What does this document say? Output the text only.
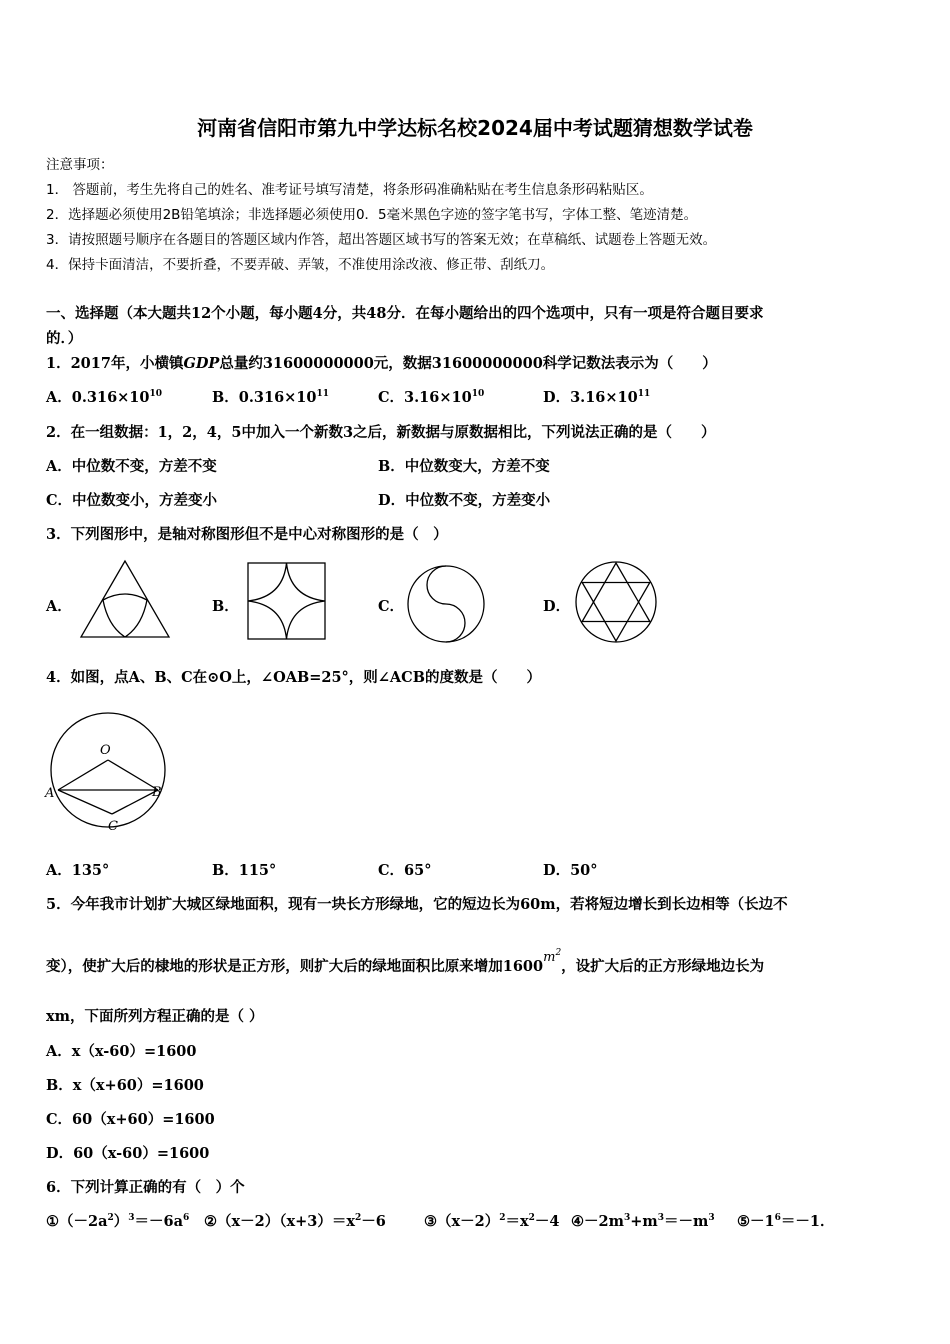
河南省信阳市第九中学达标名校2024届中考试题猜想数学试卷
注意事项：
1． 答题前，考生先将自己的姓名、准考证号填写清楚，将条形码准确粘贴在考生信息条形码粘贴区。
2．选择题必须使用2B铅笔填涂；非选择题必须使用0．5毫米黑色字迹的签字笔书写，字体工整、笔迹清楚。
3．请按照题号顺序在各题目的答题区域内作答，超出答题区域书写的答案无效；在草稿纸、试题卷上答题无效。
4．保持卡面清洁，不要折叠，不要弄破、弄皱，不准使用涂改液、修正带、刮纸刀。
一、选择题（本大题共12个小题，每小题4分，共48分．在每小题给出的四个选项中，只有一项是符合题目要求
的．）
1．2017年，小横镇GDP总量约31600000000元，数据31600000000科学记数法表示为（　　）
A．$0.316\times 10^{10}$	B．$0.316\times 10^{11}$	C．$3.16\times 10^{10}$	D．$3.16\times 10^{11}$
2．在一组数据：1，2，4，5中加入一个新数3之后，新数据与原数据相比，下列说法正确的是（　　）
A．中位数不变，方差不变	B．中位数变大，方差不变
C．中位数变小，方差变小	D．中位数不变，方差变小
3．下列图形中，是轴对称图形但不是中心对称图形的是（　）
A．	B．	C．	D．
4．如图，点A、B、C在⊙O上，∠OAB=25°，则∠ACB的度数是（　　）
O
A	B
C
A．135°	B．115°	C．65°	D．50°
5．今年我市计划扩大城区绿地面积，现有一块长方形绿地，它的短边长为60m，若将短边增长到长边相等（长边不
变），使扩大后的棣地的形状是正方形，则扩大后的绿地面积比原来增加$1600m^2$，设扩大后的正方形绿地边长为
xm，下面所列方程正确的是（ ）
A．x（x-60）=1600
B．x（x+60）=1600
C．60（x+60）=1600
D．60（x-60）=1600
6．下列计算正确的有（　）个
$①(-2a^2)^3=-6a^6$ $②(x-2)(x+3)=x^2-6$	$③(x-2)^2=x^2-4$ $④-2m^3+m^3=-m^3$ $⑤-1^6=-1$．
